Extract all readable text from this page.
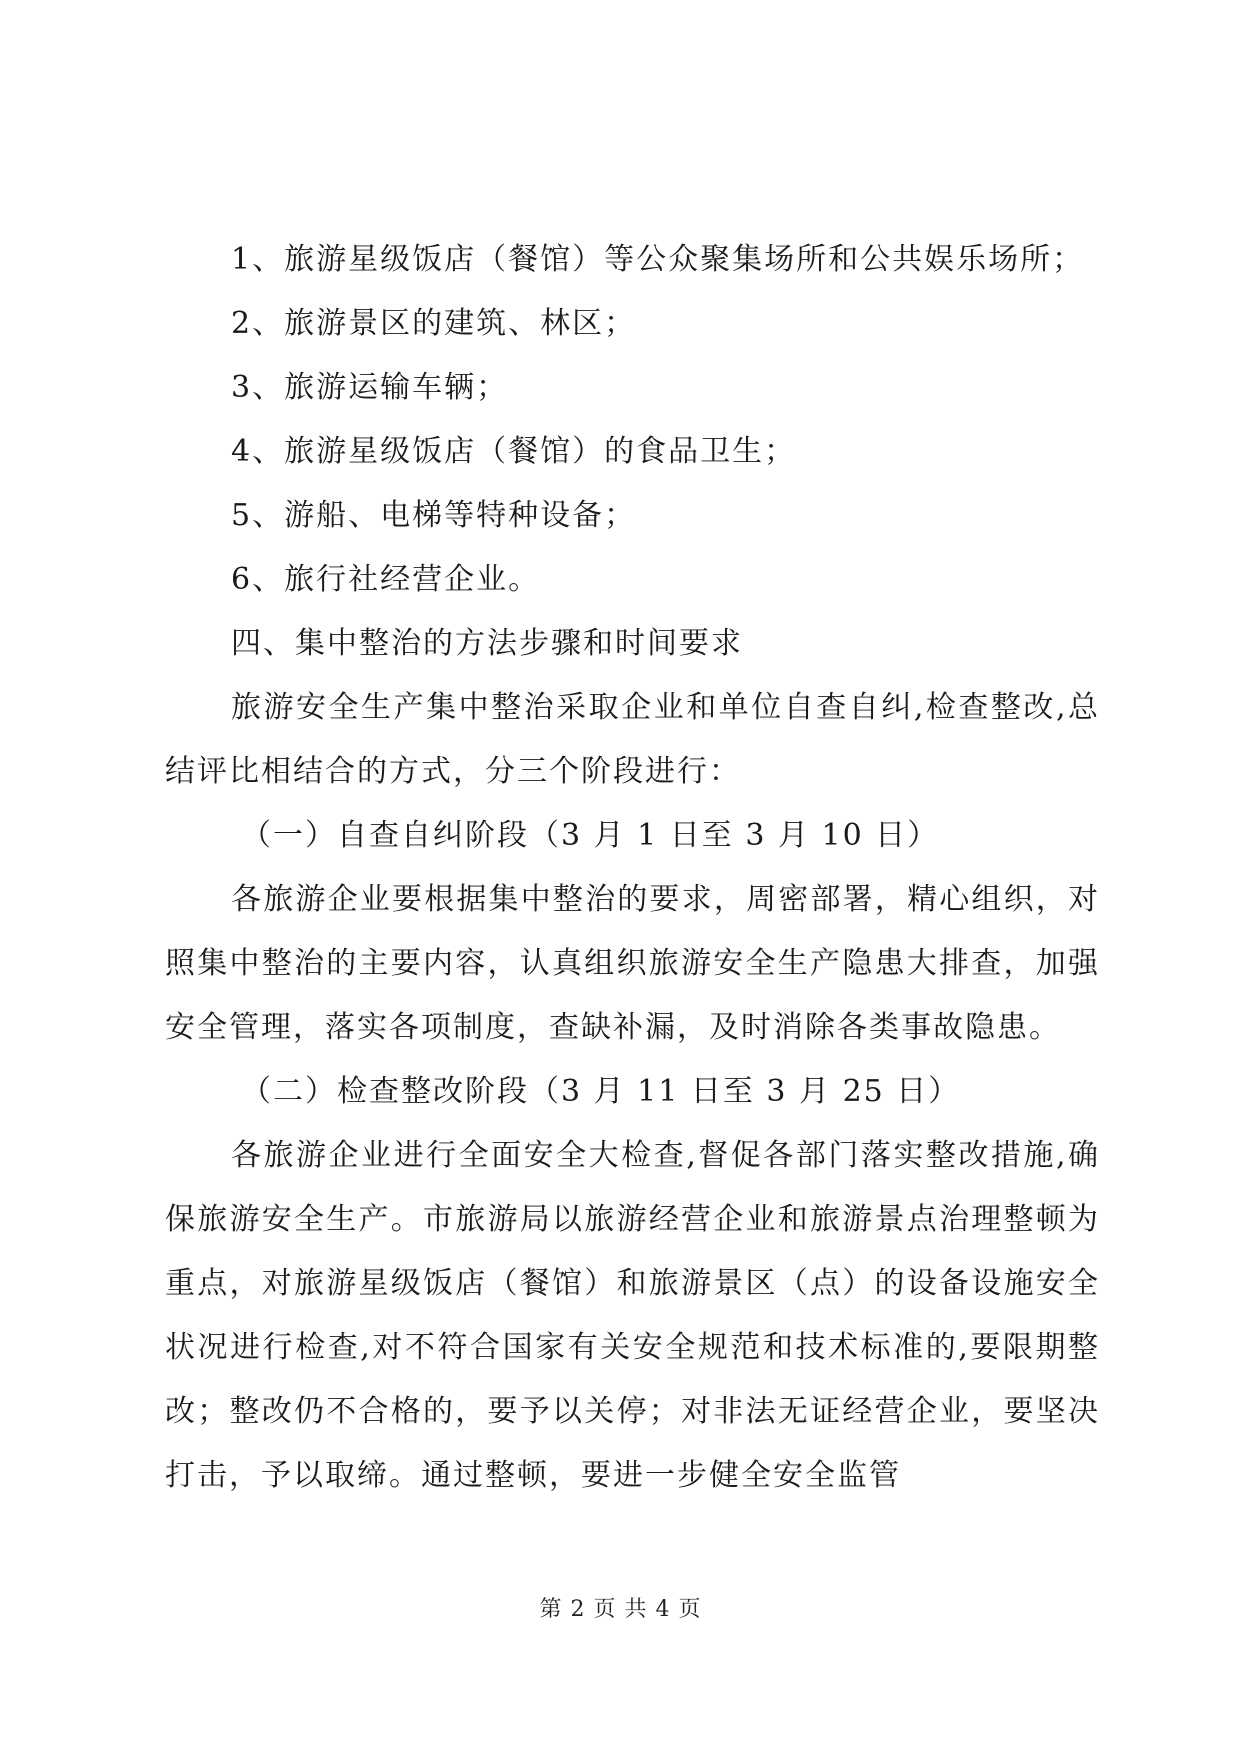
1、旅游星级饭店（餐馆）等公众聚集场所和公共娱乐场所；

2、旅游景区的建筑、林区；

3、旅游运输车辆；

4、旅游星级饭店（餐馆）的食品卫生；

5、游船、电梯等特种设备；

6、旅行社经营企业。

四、集中整治的方法步骤和时间要求

旅游安全生产集中整治采取企业和单位自查自纠,检查整改,总结评比相结合的方式，分三个阶段进行：

（一）自查自纠阶段（3 月 1 日至 3 月 10 日）

各旅游企业要根据集中整治的要求，周密部署，精心组织，对照集中整治的主要内容，认真组织旅游安全生产隐患大排查，加强安全管理，落实各项制度，查缺补漏，及时消除各类事故隐患。

（二）检查整改阶段（3 月 11 日至 3 月 25 日）

各旅游企业进行全面安全大检查,督促各部门落实整改措施,确保旅游安全生产。市旅游局以旅游经营企业和旅游景点治理整顿为重点，对旅游星级饭店（餐馆）和旅游景区（点）的设备设施安全状况进行检查,对不符合国家有关安全规范和技术标准的,要限期整改；整改仍不合格的，要予以关停；对非法无证经营企业，要坚决打击，予以取缔。通过整顿，要进一步健全安全监管

第 2 页 共 4 页
